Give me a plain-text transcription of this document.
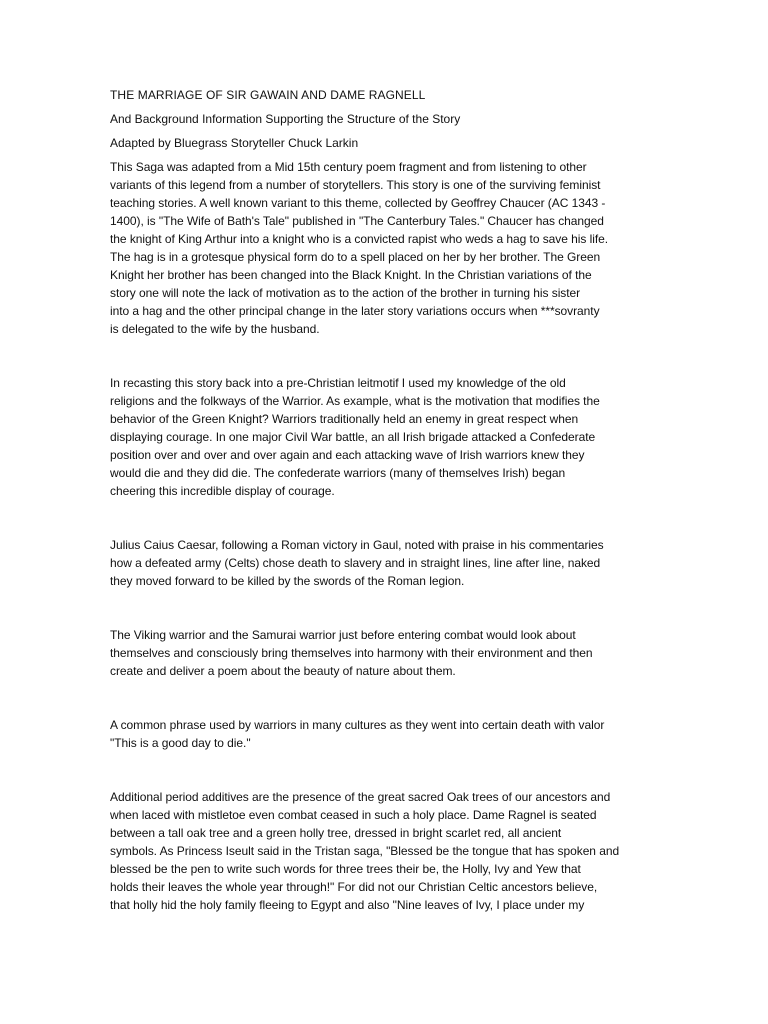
THE MARRIAGE OF SIR GAWAIN AND DAME RAGNELL

And Background Information Supporting the Structure of the Story

Adapted by Bluegrass Storyteller Chuck Larkin

This Saga was adapted from a Mid 15th century poem fragment and from listening to other
variants of this legend from a number of storytellers. This story is one of the surviving feminist
teaching stories. A well known variant to this theme, collected by Geoffrey Chaucer (AC 1343 -
1400), is "The Wife of Bath's Tale" published in "The Canterbury Tales." Chaucer has changed
the knight of King Arthur into a knight who is a convicted rapist who weds a hag to save his life.
The hag is in a grotesque physical form do to a spell placed on her by her brother. The Green
Knight her brother has been changed into the Black Knight. In the Christian variations of the
story one will note the lack of motivation as to the action of the brother in turning his sister
into a hag and the other principal change in the later story variations occurs when ***sovranty
is delegated to the wife by the husband.
In recasting this story back into a pre-Christian leitmotif I used my knowledge of the old
religions and the folkways of the Warrior. As example, what is the motivation that modifies the
behavior of the Green Knight? Warriors traditionally held an enemy in great respect when
displaying courage. In one major Civil War battle, an all Irish brigade attacked a Confederate
position over and over and over again and each attacking wave of Irish warriors knew they
would die and they did die. The confederate warriors (many of themselves Irish) began
cheering this incredible display of courage.
Julius Caius Caesar, following a Roman victory in Gaul, noted with praise in his commentaries
how a defeated army (Celts) chose death to slavery and in straight lines, line after line, naked
they moved forward to be killed by the swords of the Roman legion.
The Viking warrior and the Samurai warrior just before entering combat would look about
themselves and consciously bring themselves into harmony with their environment and then
create and deliver a poem about the beauty of nature about them.
A common phrase used by warriors in many cultures as they went into certain death with valor
"This is a good day to die."
Additional period additives are the presence of the great sacred Oak trees of our ancestors and
when laced with mistletoe even combat ceased in such a holy place. Dame Ragnel is seated
between a tall oak tree and a green holly tree, dressed in bright scarlet red, all ancient
symbols. As Princess Iseult said in the Tristan saga, "Blessed be the tongue that has spoken and
blessed be the pen to write such words for three trees their be, the Holly, Ivy and Yew that
holds their leaves the whole year through!" For did not our Christian Celtic ancestors believe,
that holly hid the holy family fleeing to Egypt and also "Nine leaves of Ivy, I place under my
